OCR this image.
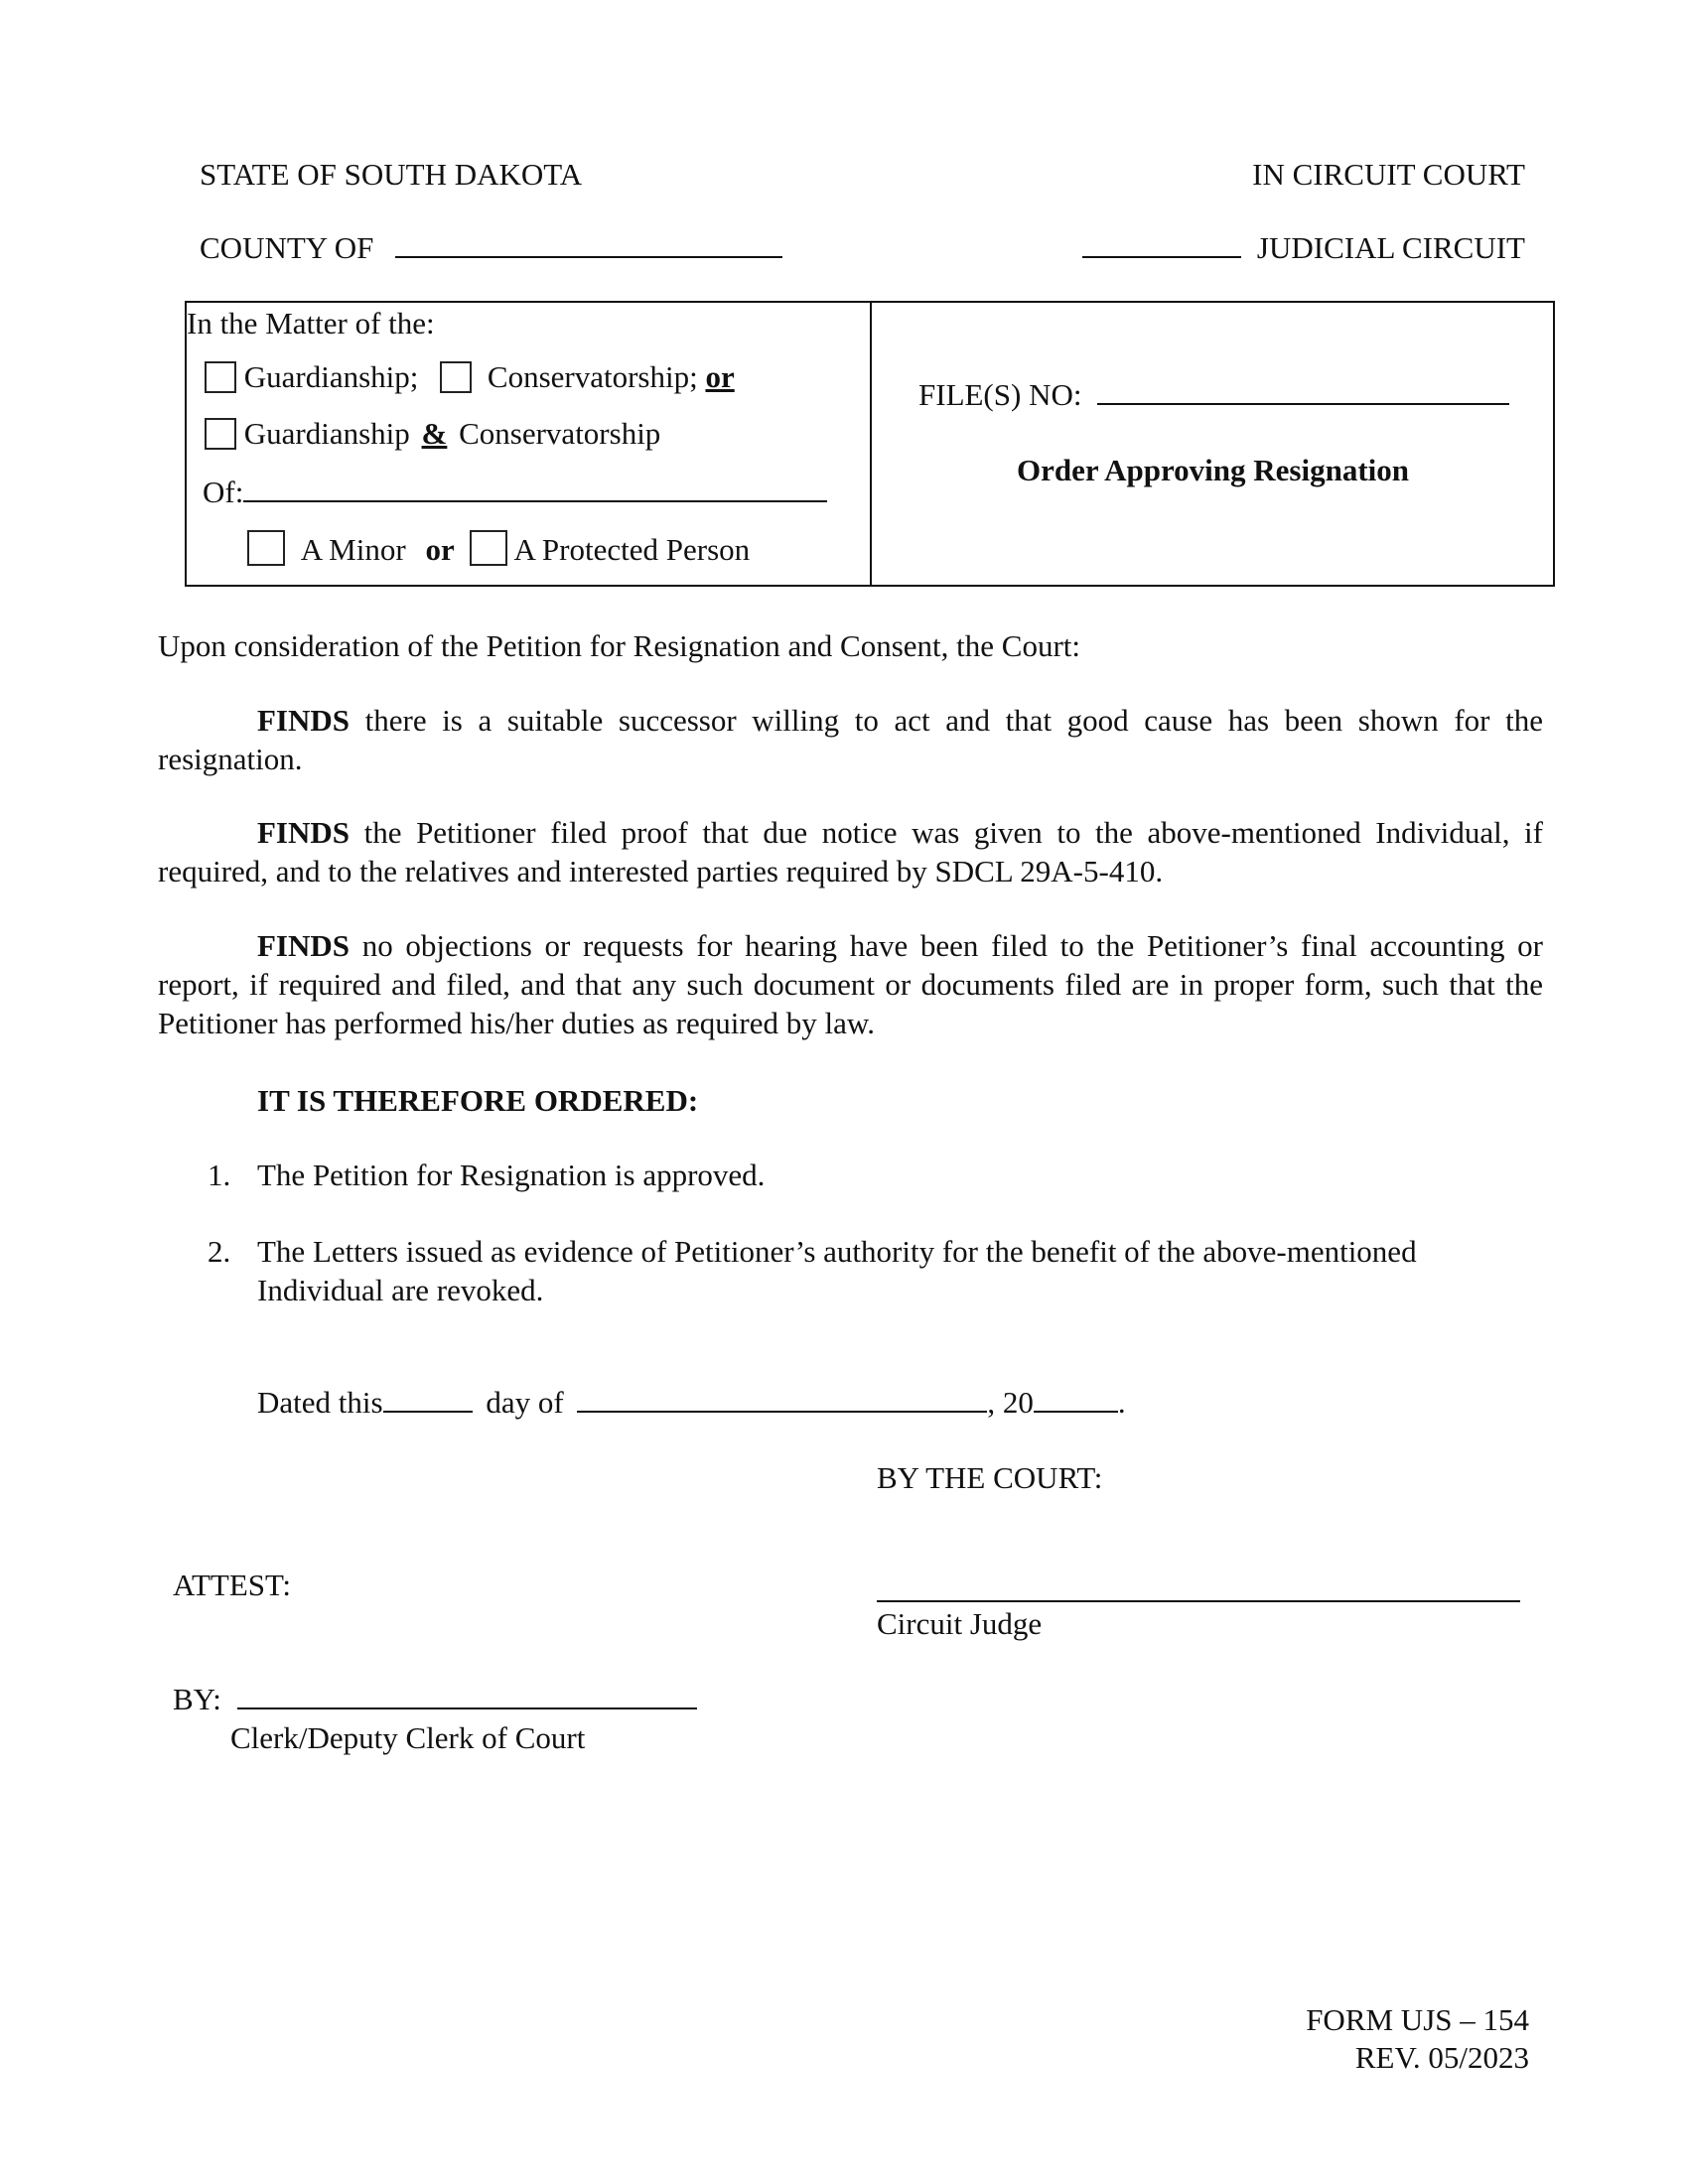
STATE OF SOUTH DAKOTA	IN CIRCUIT COURT
COUNTY OF	JUDICIAL CIRCUIT
In the Matter of the:
Guardianship; Conservatorship; or
Guardianship & Conservatorship
Of:
A Minor or A Protected Person
FILE(S) NO:
Order Approving Resignation
Upon consideration of the Petition for Resignation and Consent, the Court:
FINDS there is a suitable successor willing to act and that good cause has been shown for the resignation.
FINDS the Petitioner filed proof that due notice was given to the above-mentioned Individual, if required, and to the relatives and interested parties required by SDCL 29A-5-410.
FINDS no objections or requests for hearing have been filed to the Petitioner’s final accounting or report, if required and filed, and that any such document or documents filed are in proper form, such that the Petitioner has performed his/her duties as required by law.
IT IS THEREFORE ORDERED:
1. The Petition for Resignation is approved.
2. The Letters issued as evidence of Petitioner’s authority for the benefit of the above-mentioned
Individual are revoked.
Dated this	day of	, 20	.
BY THE COURT:
ATTEST:
Circuit Judge
BY:
Clerk/Deputy Clerk of Court
FORM UJS – 154
REV. 05/2023
